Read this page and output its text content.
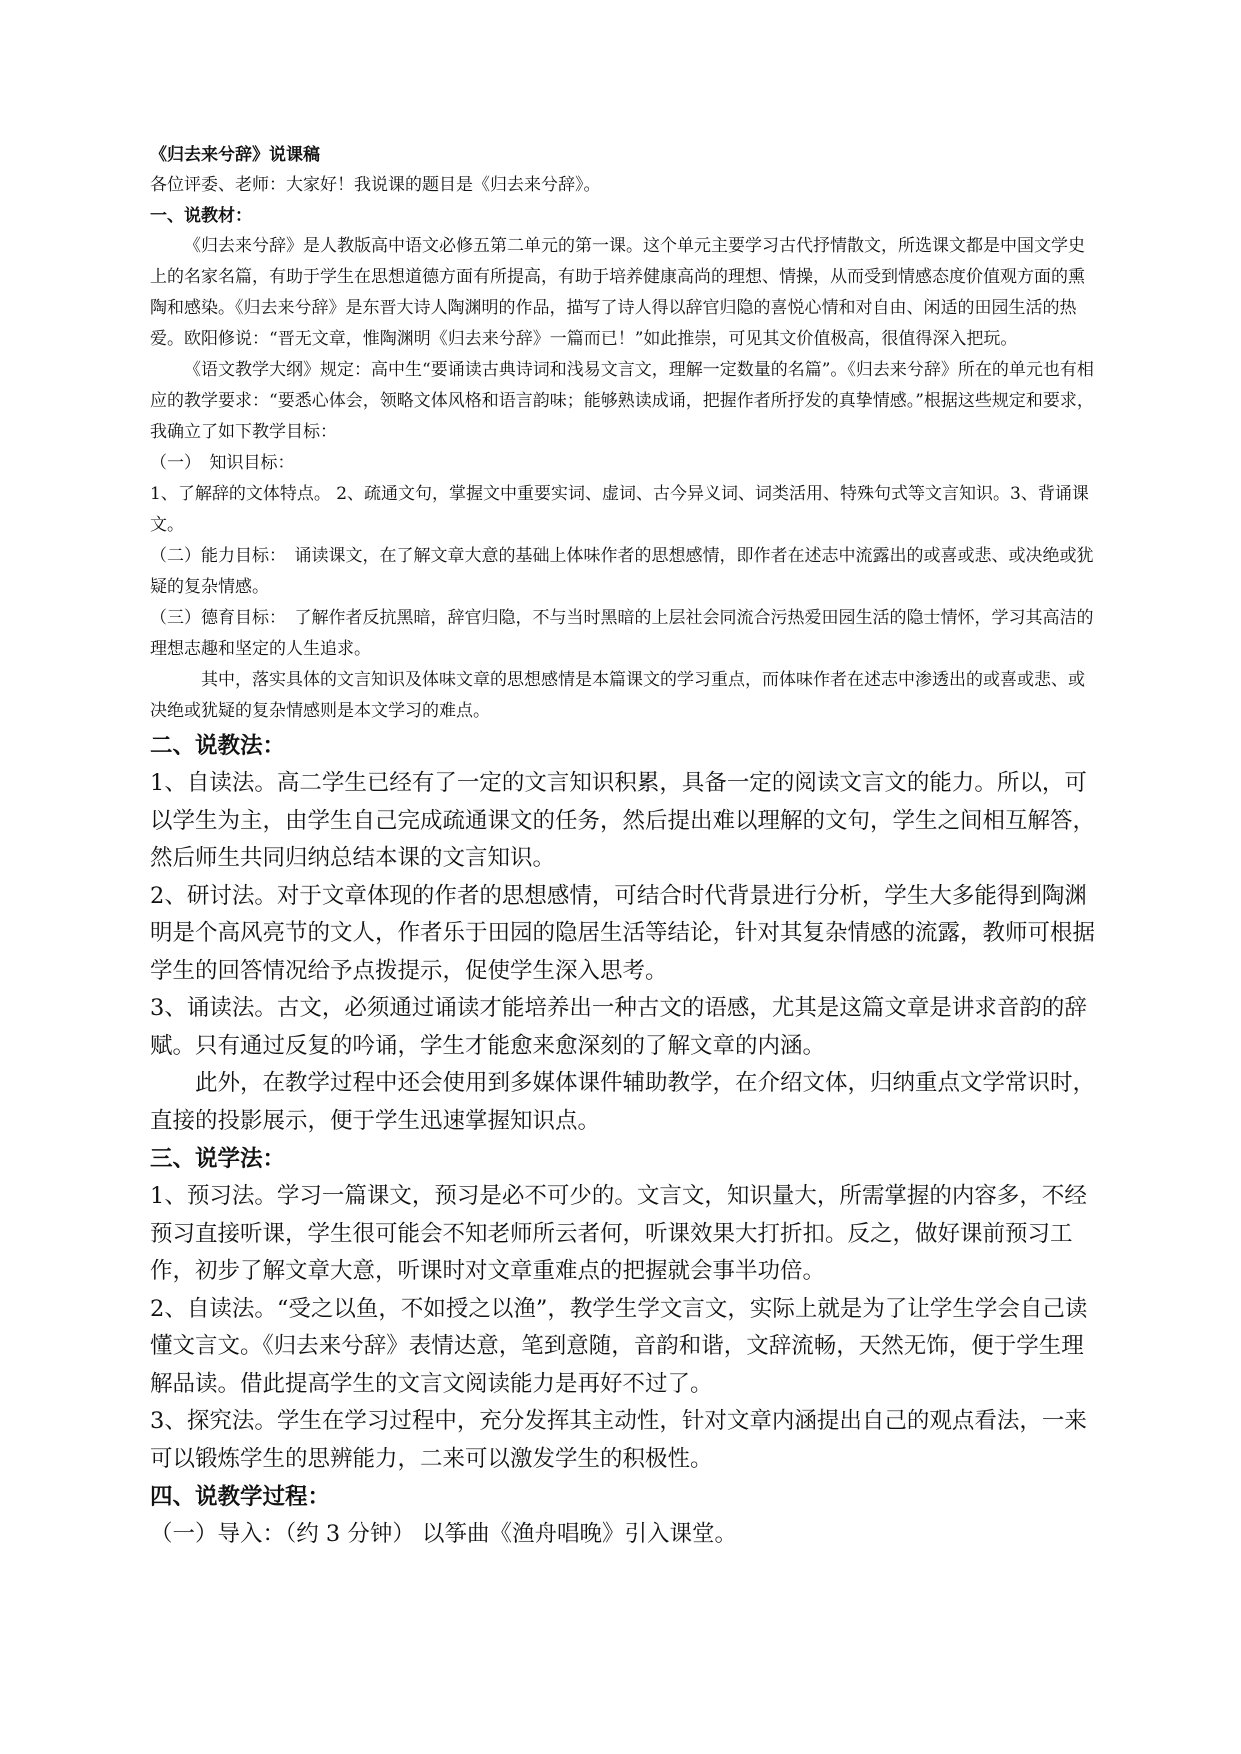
《归去来兮辞》说课稿

各位评委、老师：大家好！我说课的题目是《归去来兮辞》。

一、说教材：

《归去来兮辞》是人教版高中语文必修五第二单元的第一课。这个单元主要学习古代抒情散文，所选课文都是中国文学史上的名家名篇，有助于学生在思想道德方面有所提高，有助于培养健康高尚的理想、情操，从而受到情感态度价值观方面的熏陶和感染。《归去来兮辞》是东晋大诗人陶渊明的作品，描写了诗人得以辞官归隐的喜悦心情和对自由、闲适的田园生活的热爱。欧阳修说：“晋无文章，惟陶渊明《归去来兮辞》一篇而已！”如此推崇，可见其文价值极高，很值得深入把玩。

《语文教学大纲》规定：高中生“要诵读古典诗词和浅易文言文，理解一定数量的名篇”。《归去来兮辞》所在的单元也有相应的教学要求：“要悉心体会，领略文体风格和语言韵味；能够熟读成诵，把握作者所抒发的真挚情感。”根据这些规定和要求，我确立了如下教学目标：

（一）　知识目标：

1、了解辞的文体特点。 2、疏通文句，掌握文中重要实词、虚词、古今异义词、词类活用、特殊句式等文言知识。3、背诵课文。

（二）能力目标：　诵读课文，在了解文章大意的基础上体味作者的思想感情，即作者在述志中流露出的或喜或悲、或决绝或犹疑的复杂情感。

（三）德育目标：　了解作者反抗黑暗，辞官归隐，不与当时黑暗的上层社会同流合污热爱田园生活的隐士情怀，学习其高洁的理想志趣和坚定的人生追求。

其中，落实具体的文言知识及体味文章的思想感情是本篇课文的学习重点，而体味作者在述志中渗透出的或喜或悲、或决绝或犹疑的复杂情感则是本文学习的难点。

二、说教法：

1、自读法。高二学生已经有了一定的文言知识积累，具备一定的阅读文言文的能力。所以，可以学生为主，由学生自己完成疏通课文的任务，然后提出难以理解的文句，学生之间相互解答，然后师生共同归纳总结本课的文言知识。

2、研讨法。对于文章体现的作者的思想感情，可结合时代背景进行分析，学生大多能得到陶渊明是个高风亮节的文人，作者乐于田园的隐居生活等结论，针对其复杂情感的流露，教师可根据学生的回答情况给予点拨提示，促使学生深入思考。

3、诵读法。古文，必须通过诵读才能培养出一种古文的语感，尤其是这篇文章是讲求音韵的辞赋。只有通过反复的吟诵，学生才能愈来愈深刻的了解文章的内涵。

此外，在教学过程中还会使用到多媒体课件辅助教学，在介绍文体，归纳重点文学常识时，直接的投影展示，便于学生迅速掌握知识点。

三、说学法：

1、预习法。学习一篇课文，预习是必不可少的。文言文，知识量大，所需掌握的内容多，不经预习直接听课，学生很可能会不知老师所云者何，听课效果大打折扣。反之，做好课前预习工作，初步了解文章大意，听课时对文章重难点的把握就会事半功倍。

2、自读法。“受之以鱼，不如授之以渔”，教学生学文言文，实际上就是为了让学生学会自己读懂文言文。《归去来兮辞》表情达意，笔到意随，音韵和谐，文辞流畅，天然无饰，便于学生理解品读。借此提高学生的文言文阅读能力是再好不过了。

3、探究法。学生在学习过程中，充分发挥其主动性，针对文章内涵提出自己的观点看法，一来可以锻炼学生的思辨能力，二来可以激发学生的积极性。

四、说教学过程：

（一）导入：（约 3 分钟） 以筝曲《渔舟唱晚》引入课堂。
